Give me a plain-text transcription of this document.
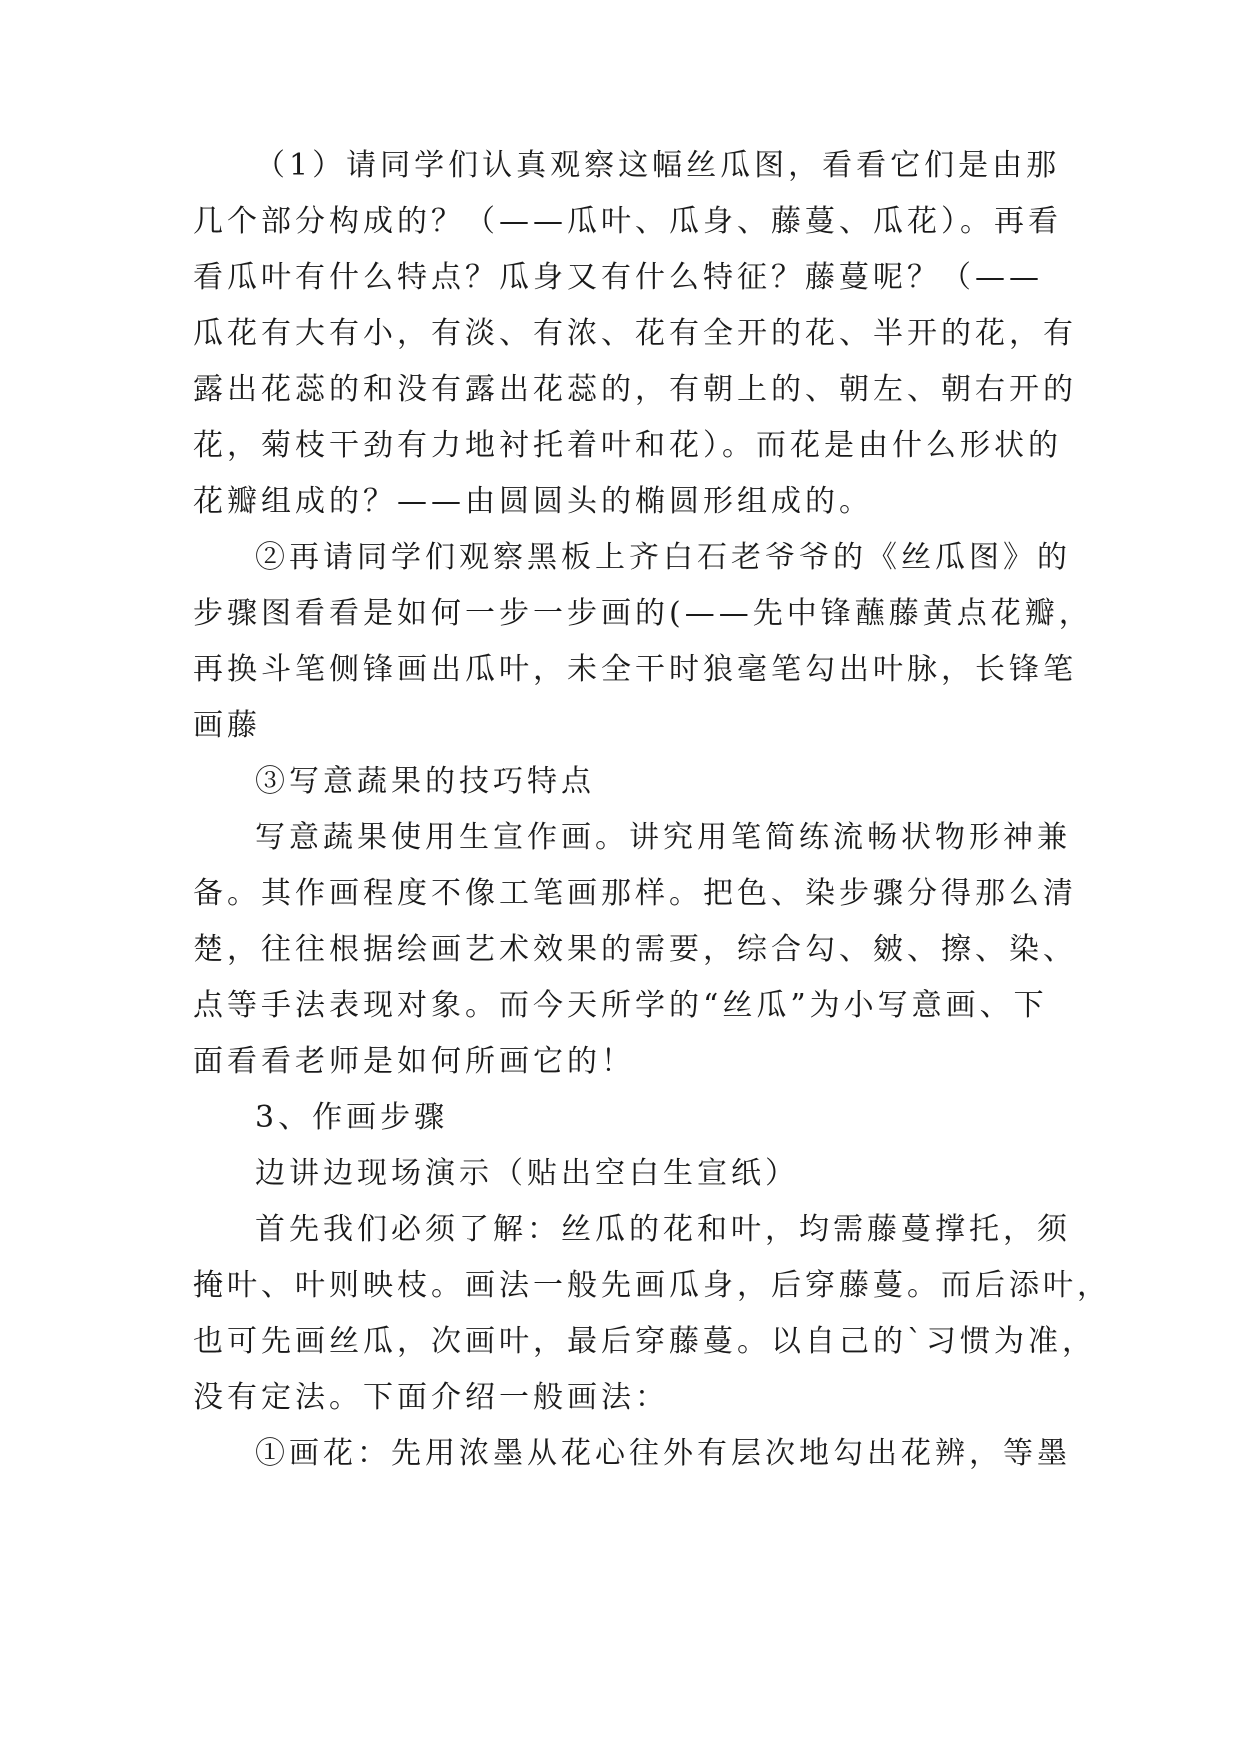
（1）请同学们认真观察这幅丝瓜图，看看它们是由那

几个部分构成的？（——瓜叶、瓜身、藤蔓、瓜花）。再看

看瓜叶有什么特点？瓜身又有什么特征？藤蔓呢？（——

瓜花有大有小，有淡、有浓、花有全开的花、半开的花，有

露出花蕊的和没有露出花蕊的，有朝上的、朝左、朝右开的

花，菊枝干劲有力地衬托着叶和花）。而花是由什么形状的

花瓣组成的？——由圆圆头的椭圆形组成的。

②再请同学们观察黑板上齐白石老爷爷的《丝瓜图》的

步骤图看看是如何一步一步画的(——先中锋蘸藤黄点花瓣，

再换斗笔侧锋画出瓜叶，未全干时狼毫笔勾出叶脉，长锋笔

画藤

③写意蔬果的技巧特点

写意蔬果使用生宣作画。讲究用笔简练流畅状物形神兼

备。其作画程度不像工笔画那样。把色、染步骤分得那么清

楚，往往根据绘画艺术效果的需要，综合勾、皴、擦、染、

点等手法表现对象。而今天所学的“丝瓜”为小写意画、下

面看看老师是如何所画它的！

3、作画步骤

边讲边现场演示（贴出空白生宣纸）

首先我们必须了解：丝瓜的花和叶，均需藤蔓撑托，须

掩叶、叶则映枝。画法一般先画瓜身，后穿藤蔓。而后添叶，

也可先画丝瓜，次画叶，最后穿藤蔓。以自己的`习惯为准，

没有定法。下面介绍一般画法：

①画花：先用浓墨从花心往外有层次地勾出花辨，等墨
